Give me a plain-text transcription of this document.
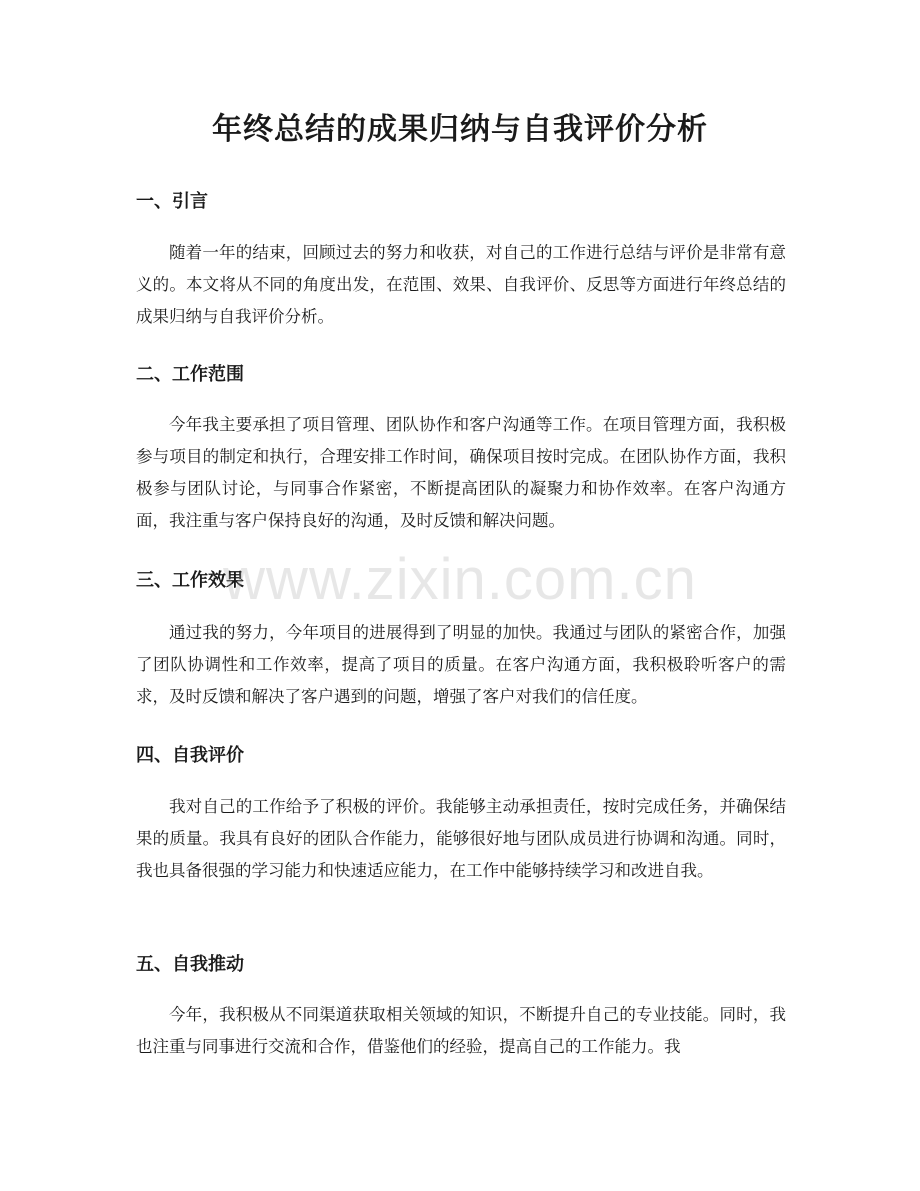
年终总结的成果归纳与自我评价分析
一、引言

随着一年的结束，回顾过去的努力和收获，对自己的工作进行总结与评价是非常有意义的。本文将从不同的角度出发，在范围、效果、自我评价、反思等方面进行年终总结的成果归纳与自我评价分析。

二、工作范围

今年我主要承担了项目管理、团队协作和客户沟通等工作。在项目管理方面，我积极参与项目的制定和执行，合理安排工作时间，确保项目按时完成。在团队协作方面，我积极参与团队讨论，与同事合作紧密，不断提高团队的凝聚力和协作效率。在客户沟通方面，我注重与客户保持良好的沟通，及时反馈和解决问题。

三、工作效果

通过我的努力，今年项目的进展得到了明显的加快。我通过与团队的紧密合作，加强了团队协调性和工作效率，提高了项目的质量。在客户沟通方面，我积极聆听客户的需求，及时反馈和解决了客户遇到的问题，增强了客户对我们的信任度。

四、自我评价

我对自己的工作给予了积极的评价。我能够主动承担责任，按时完成任务，并确保结果的质量。我具有良好的团队合作能力，能够很好地与团队成员进行协调和沟通。同时，我也具备很强的学习能力和快速适应能力，在工作中能够持续学习和改进自我。

五、自我推动

今年，我积极从不同渠道获取相关领域的知识，不断提升自己的专业技能。同时，我也注重与同事进行交流和合作，借鉴他们的经验，提高自己的工作能力。我

www.zixin.com.cn
